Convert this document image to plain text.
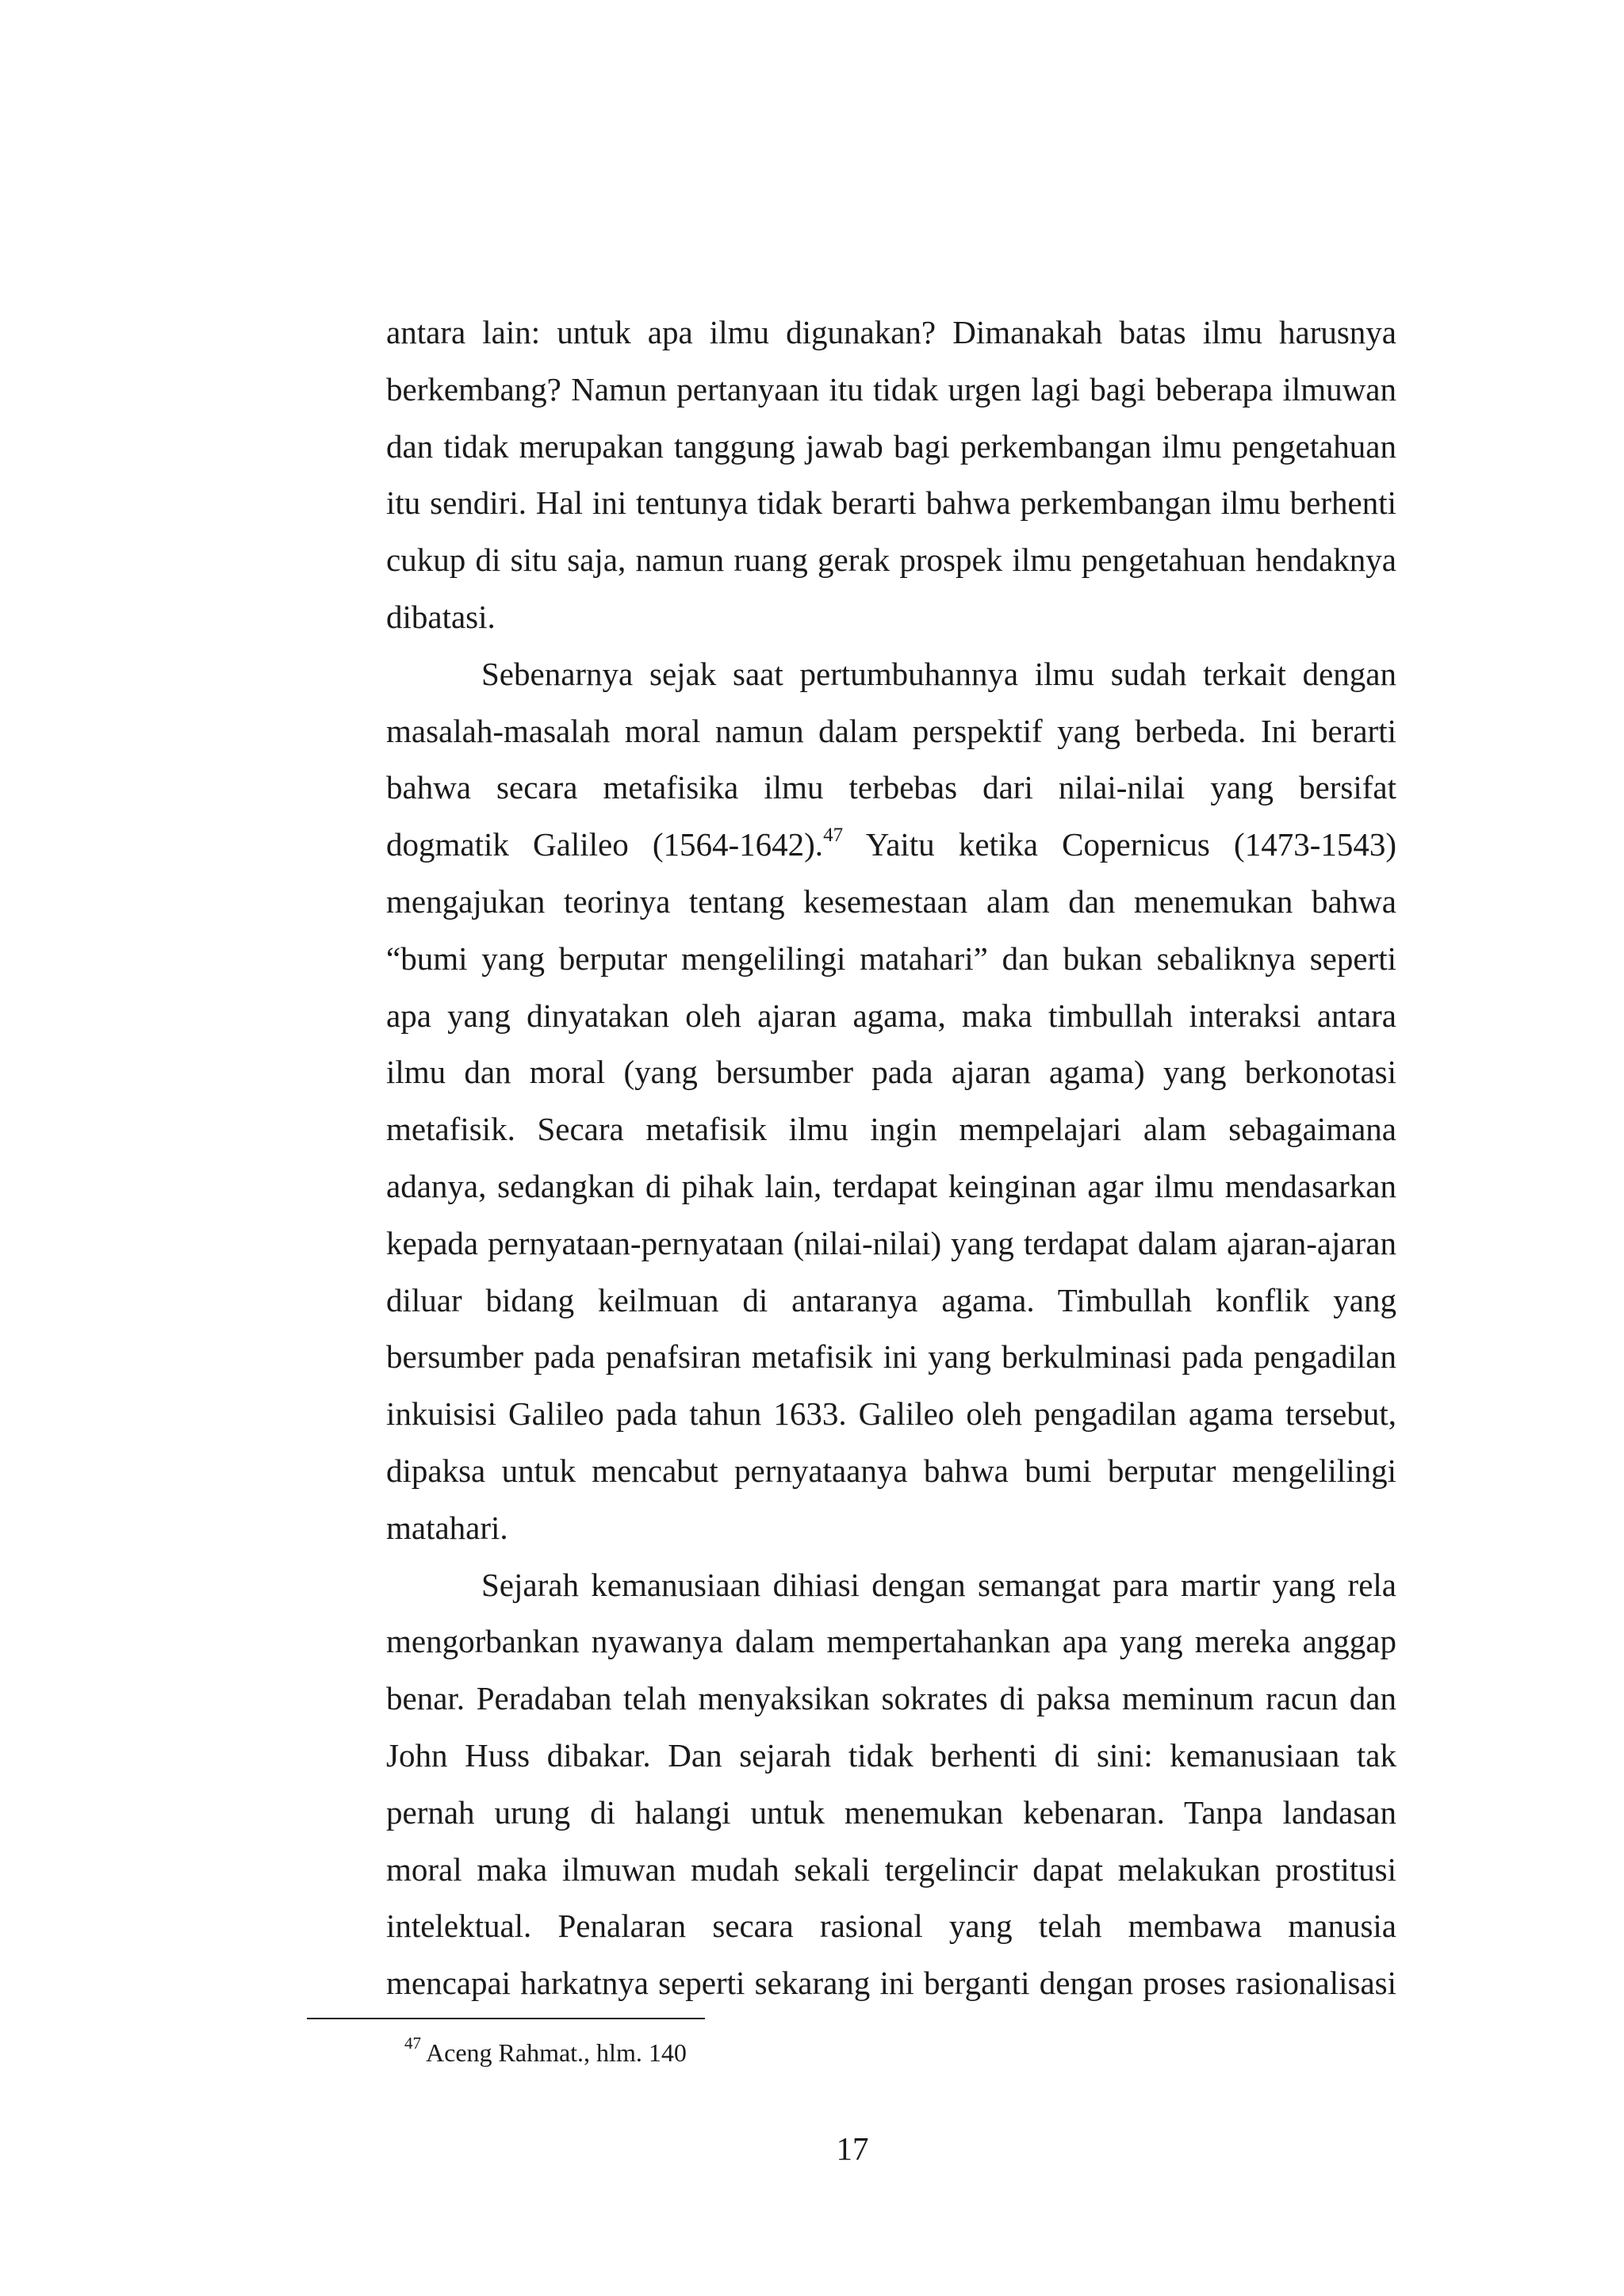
antara lain: untuk apa ilmu digunakan? Dimanakah batas ilmu harusnya
berkembang? Namun pertanyaan itu tidak urgen lagi bagi beberapa ilmuwan
dan tidak merupakan tanggung jawab bagi perkembangan ilmu pengetahuan
itu sendiri. Hal ini tentunya tidak berarti bahwa perkembangan ilmu berhenti
cukup di situ saja, namun ruang gerak prospek ilmu pengetahuan hendaknya
dibatasi.
Sebenarnya sejak saat pertumbuhannya ilmu sudah terkait dengan
masalah-masalah moral namun dalam perspektif yang berbeda. Ini berarti
bahwa secara metafisika ilmu terbebas dari nilai-nilai yang bersifat
dogmatik Galileo (1564-1642).$^{47}$ Yaitu ketika Copernicus (1473-1543)
mengajukan teorinya tentang kesemestaan alam dan menemukan bahwa
“bumi yang berputar mengelilingi matahari” dan bukan sebaliknya seperti
apa yang dinyatakan oleh ajaran agama, maka timbullah interaksi antara
ilmu dan moral (yang bersumber pada ajaran agama) yang berkonotasi
metafisik. Secara metafisik ilmu ingin mempelajari alam sebagaimana
adanya, sedangkan di pihak lain, terdapat keinginan agar ilmu mendasarkan
kepada pernyataan-pernyataan (nilai-nilai) yang terdapat dalam ajaran-ajaran
diluar bidang keilmuan di antaranya agama. Timbullah konflik yang
bersumber pada penafsiran metafisik ini yang berkulminasi pada pengadilan
inkuisisi Galileo pada tahun 1633. Galileo oleh pengadilan agama tersebut,
dipaksa untuk mencabut pernyataanya bahwa bumi berputar mengelilingi
matahari.
Sejarah kemanusiaan dihiasi dengan semangat para martir yang rela
mengorbankan nyawanya dalam mempertahankan apa yang mereka anggap
benar. Peradaban telah menyaksikan sokrates di paksa meminum racun dan
John Huss dibakar. Dan sejarah tidak berhenti di sini: kemanusiaan tak
pernah urung di halangi untuk menemukan kebenaran. Tanpa landasan
moral maka ilmuwan mudah sekali tergelincir dapat melakukan prostitusi
intelektual. Penalaran secara rasional yang telah membawa manusia
mencapai harkatnya seperti sekarang ini berganti dengan proses rasionalisasi
$^{47}$ Aceng Rahmat., hlm. 140
17
